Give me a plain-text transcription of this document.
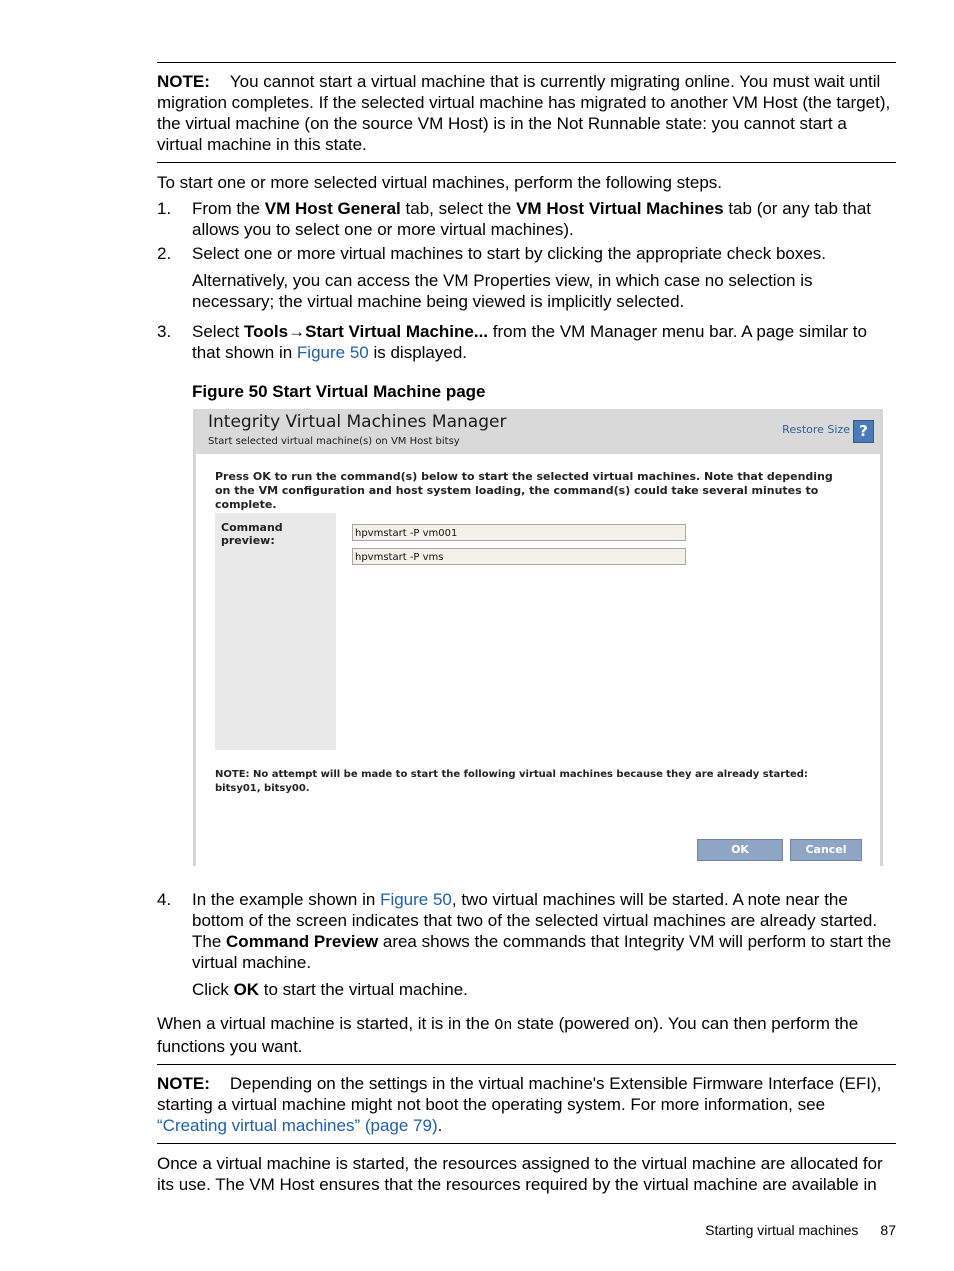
NOTE: You cannot start a virtual machine that is currently migrating online. You must wait until migration completes. If the selected virtual machine has migrated to another VM Host (the target), the virtual machine (on the source VM Host) is in the Not Runnable state: you cannot start a virtual machine in this state.

To start one or more selected virtual machines, perform the following steps.

1. From the VM Host General tab, select the VM Host Virtual Machines tab (or any tab that allows you to select one or more virtual machines).
2. Select one or more virtual machines to start by clicking the appropriate check boxes.
Alternatively, you can access the VM Properties view, in which case no selection is necessary; the virtual machine being viewed is implicitly selected.
3. Select Tools→Start Virtual Machine... from the VM Manager menu bar. A page similar to that shown in Figure 50 is displayed.
Figure 50 Start Virtual Machine page
Integrity Virtual Machines Manager
Start selected virtual machine(s) on VM Host bitsy
Restore Size ?
Press OK to run the command(s) below to start the selected virtual machines. Note that depending on the VM configuration and host system loading, the command(s) could take several minutes to complete.
Command preview:
hpvmstart -P vm001
hpvmstart -P vms
NOTE: No attempt will be made to start the following virtual machines because they are already started: bitsy01, bitsy00.
OK	Cancel
4. In the example shown in Figure 50, two virtual machines will be started. A note near the bottom of the screen indicates that two of the selected virtual machines are already started. The Command Preview area shows the commands that Integrity VM will perform to start the virtual machine.
Click OK to start the virtual machine.

When a virtual machine is started, it is in the On state (powered on). You can then perform the functions you want.

NOTE: Depending on the settings in the virtual machine's Extensible Firmware Interface (EFI), starting a virtual machine might not boot the operating system. For more information, see “Creating virtual machines” (page 79).

Once a virtual machine is started, the resources assigned to the virtual machine are allocated for its use. The VM Host ensures that the resources required by the virtual machine are available in

Starting virtual machines 87
